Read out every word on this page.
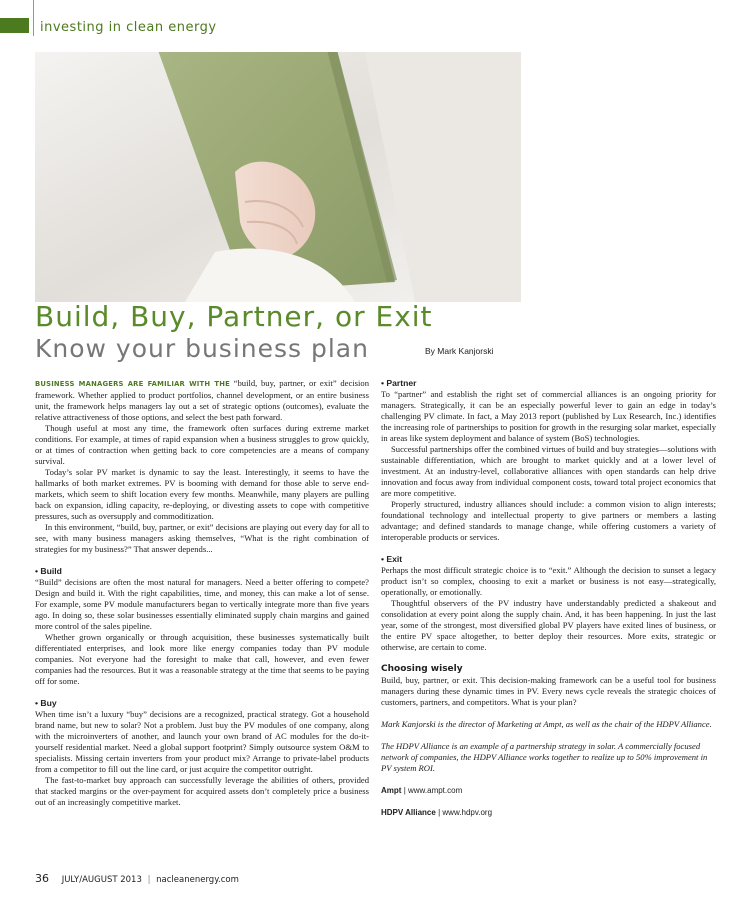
investing in clean energy
Build, Buy, Partner, or Exit
Know your business plan	By Mark Kanjorski

BUSINESS MANAGERS ARE FAMILIAR WITH THE “build, buy, partner, or exit” decision framework. Whether applied to product portfolios, channel development, or an entire business unit, the framework helps managers lay out a set of strategic options (outcomes), evaluate the relative attractiveness of those options, and select the best path forward.

Though useful at most any time, the framework often surfaces during extreme market conditions. For example, at times of rapid expansion when a business struggles to grow quickly, or at times of contraction when getting back to core competencies are a means of company survival.

Today’s solar PV market is dynamic to say the least. Interestingly, it seems to have the hallmarks of both market extremes. PV is booming with demand for those able to serve end-markets, which seem to shift location every few months. Meanwhile, many players are pulling back on expansion, idling capacity, re-deploying, or divesting assets to cope with competitive pressures, such as oversupply and commoditization.

In this environment, “build, buy, partner, or exit” decisions are playing out every day for all to see, with many business managers asking themselves, “What is the right combination of strategies for my business?” That answer depends...

• Build

“Build” decisions are often the most natural for managers. Need a better offering to compete? Design and build it. With the right capabilities, time, and money, this can make a lot of sense. For example, some PV module manufacturers began to vertically integrate more than five years ago. In doing so, these solar businesses essentially eliminated supply chain margins and gained more control of the sales pipeline.

Whether grown organically or through acquisition, these businesses systematically built differentiated enterprises, and look more like energy companies today than PV module companies. Not everyone had the foresight to make that call, however, and even fewer companies had the resources. But it was a reasonable strategy at the time that seems to be paying off for some.

• Buy

When time isn’t a luxury “buy” decisions are a recognized, practical strategy. Got a household brand name, but new to solar? Not a problem. Just buy the PV modules of one company, along with the microinverters of another, and launch your own brand of AC modules for the do-it-yourself residential market. Need a global support footprint? Simply outsource system O&M to specialists. Missing certain inverters from your product mix? Arrange to private-label products from a competitor to fill out the line card, or just acquire the competitor outright.

The fast-to-market buy approach can successfully leverage the abilities of others, provided that stacked margins or the over-payment for acquired assets don’t completely price a business out of an increasingly competitive market.

• Partner

To “partner” and establish the right set of commercial alliances is an ongoing priority for managers. Strategically, it can be an especially powerful lever to gain an edge in today’s challenging PV climate. In fact, a May 2013 report (published by Lux Research, Inc.) identifies the increasing role of partnerships to position for growth in the resurging solar market, especially in areas like system deployment and balance of system (BoS) technologies.

Successful partnerships offer the combined virtues of build and buy strategies—solutions with sustainable differentiation, which are brought to market quickly and at a lower level of investment. At an industry-level, collaborative alliances with open standards can help drive innovation and focus away from individual component costs, toward total project economics that are more competitive.

Properly structured, industry alliances should include: a common vision to align interests; foundational technology and intellectual property to give partners or members a lasting advantage; and defined standards to manage change, while offering customers a variety of interoperable products or services.

• Exit

Perhaps the most difficult strategic choice is to “exit.” Although the decision to sunset a legacy product isn’t so complex, choosing to exit a market or business is not easy—strategically, operationally, or emotionally.

Thoughtful observers of the PV industry have understandably predicted a shakeout and consolidation at every point along the supply chain. And, it has been happening. In just the last year, some of the strongest, most diversified global PV players have exited lines of business, or the entire PV space altogether, to better deploy their resources. More exits, strategic or otherwise, are certain to come.

Choosing wisely

Build, buy, partner, or exit. This decision-making framework can be a useful tool for business managers during these dynamic times in PV. Every news cycle reveals the strategic choices of customers, partners, and competitors. What is your plan?

Mark Kanjorski is the director of Marketing at Ampt, as well as the chair of the HDPV Alliance.

The HDPV Alliance is an example of a partnership strategy in solar. A commercially focused network of companies, the HDPV Alliance works together to realize up to 50% improvement in PV system ROI.

Ampt | www.ampt.com

HDPV Alliance | www.hdpv.org

36 JULY/AUGUST 2013 | nacleanenergy.com
